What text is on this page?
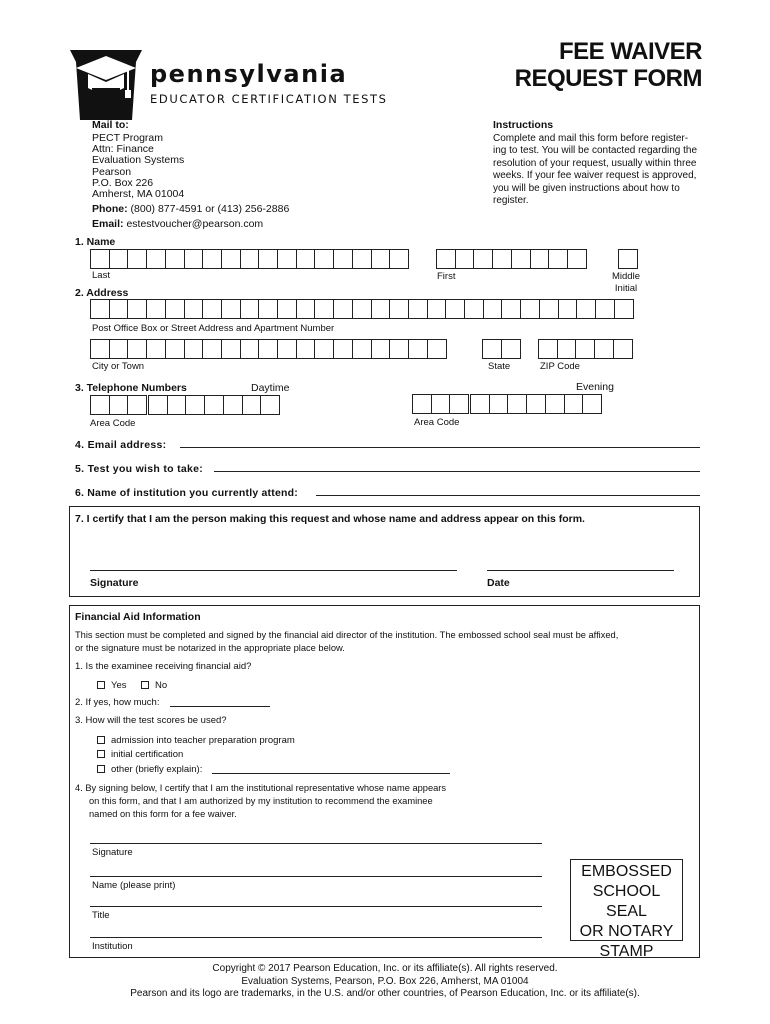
pennsylvania
EDUCATOR CERTIFICATION TESTS
FEE WAIVER
REQUEST FORM
Mail to:
PECT Program
Attn: Finance
Evaluation Systems
Pearson
P.O. Box 226
Amherst, MA 01004
Phone: (800) 877-4591 or (413) 256-2886
Email: estestvoucher@pearson.com
Instructions
Complete and mail this form before register-
ing to test. You will be contacted regarding the
resolution of your request, usually within three
weeks. If your fee waiver request is approved,
you will be given instructions about how to
register.
1. Name
Last	First	Middle
Initial
2. Address
Post Office Box or Street Address and Apartment Number
City or Town	State	ZIP Code
3. Telephone Numbers	Daytime	Evening
Area Code	Area Code
4. Email address:
5. Test you wish to take:
6. Name of institution you currently attend:
7. I certify that I am the person making this request and whose name and address appear on this form.
Signature	Date
Financial Aid Information
This section must be completed and signed by the financial aid director of the institution. The embossed school seal must be affixed,
or the signature must be notarized in the appropriate place below.
1. Is the examinee receiving financial aid?
Yes	No
2. If yes, how much:
3. How will the test scores be used?
admission into teacher preparation program
initial certification
other (briefly explain):
4. By signing below, I certify that I am the institutional representative whose name appears
on this form, and that I am authorized by my institution to recommend the examinee
named on this form for a fee waiver.
Signature
Name (please print)
Title
Institution
EMBOSSED
SCHOOL SEAL
OR NOTARY
STAMP
Copyright © 2017 Pearson Education, Inc. or its affiliate(s). All rights reserved.
Evaluation Systems, Pearson, P.O. Box 226, Amherst, MA 01004
Pearson and its logo are trademarks, in the U.S. and/or other countries, of Pearson Education, Inc. or its affiliate(s).
